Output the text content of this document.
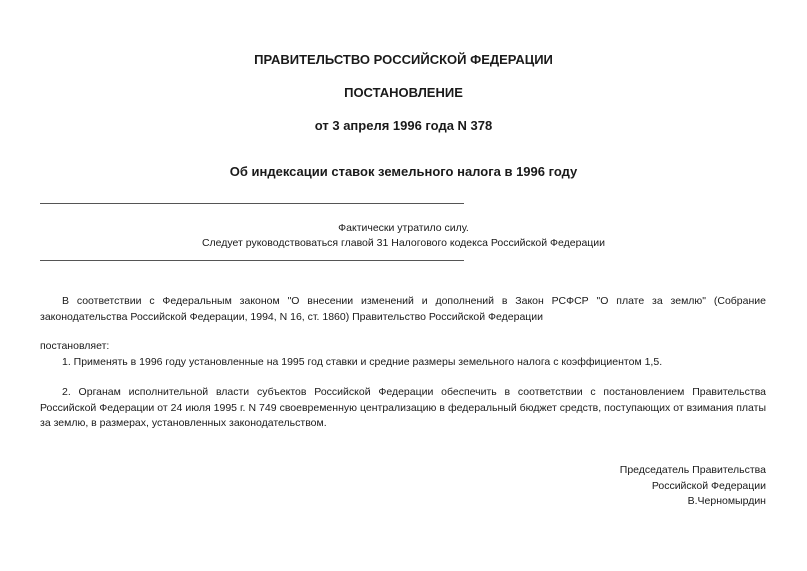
ПРАВИТЕЛЬСТВО РОССИЙСКОЙ ФЕДЕРАЦИИ
ПОСТАНОВЛЕНИЕ
от 3 апреля 1996 года N 378
Об индексации ставок земельного налога в 1996 году
Фактически утратило силу.
Следует руководствоваться главой 31 Налогового кодекса Российской Федерации

В соответствии с Федеральным законом "О внесении изменений и дополнений в Закон РСФСР "О плате за землю" (Собрание законодательства Российской Федерации, 1994, N 16, ст. 1860) Правительство Российской Федерации

постановляет:

1. Применять в 1996 году установленные на 1995 год ставки и средние размеры земельного налога с коэффициентом 1,5.

2. Органам исполнительной власти субъектов Российской Федерации обеспечить в соответствии с постановлением Правительства Российской Федерации от 24 июля 1995 г. N 749 своевременную централизацию в федеральный бюджет средств, поступающих от взимания платы за землю, в размерах, установленных законодательством.

Председатель Правительства
Российской Федерации
В.Черномырдин
